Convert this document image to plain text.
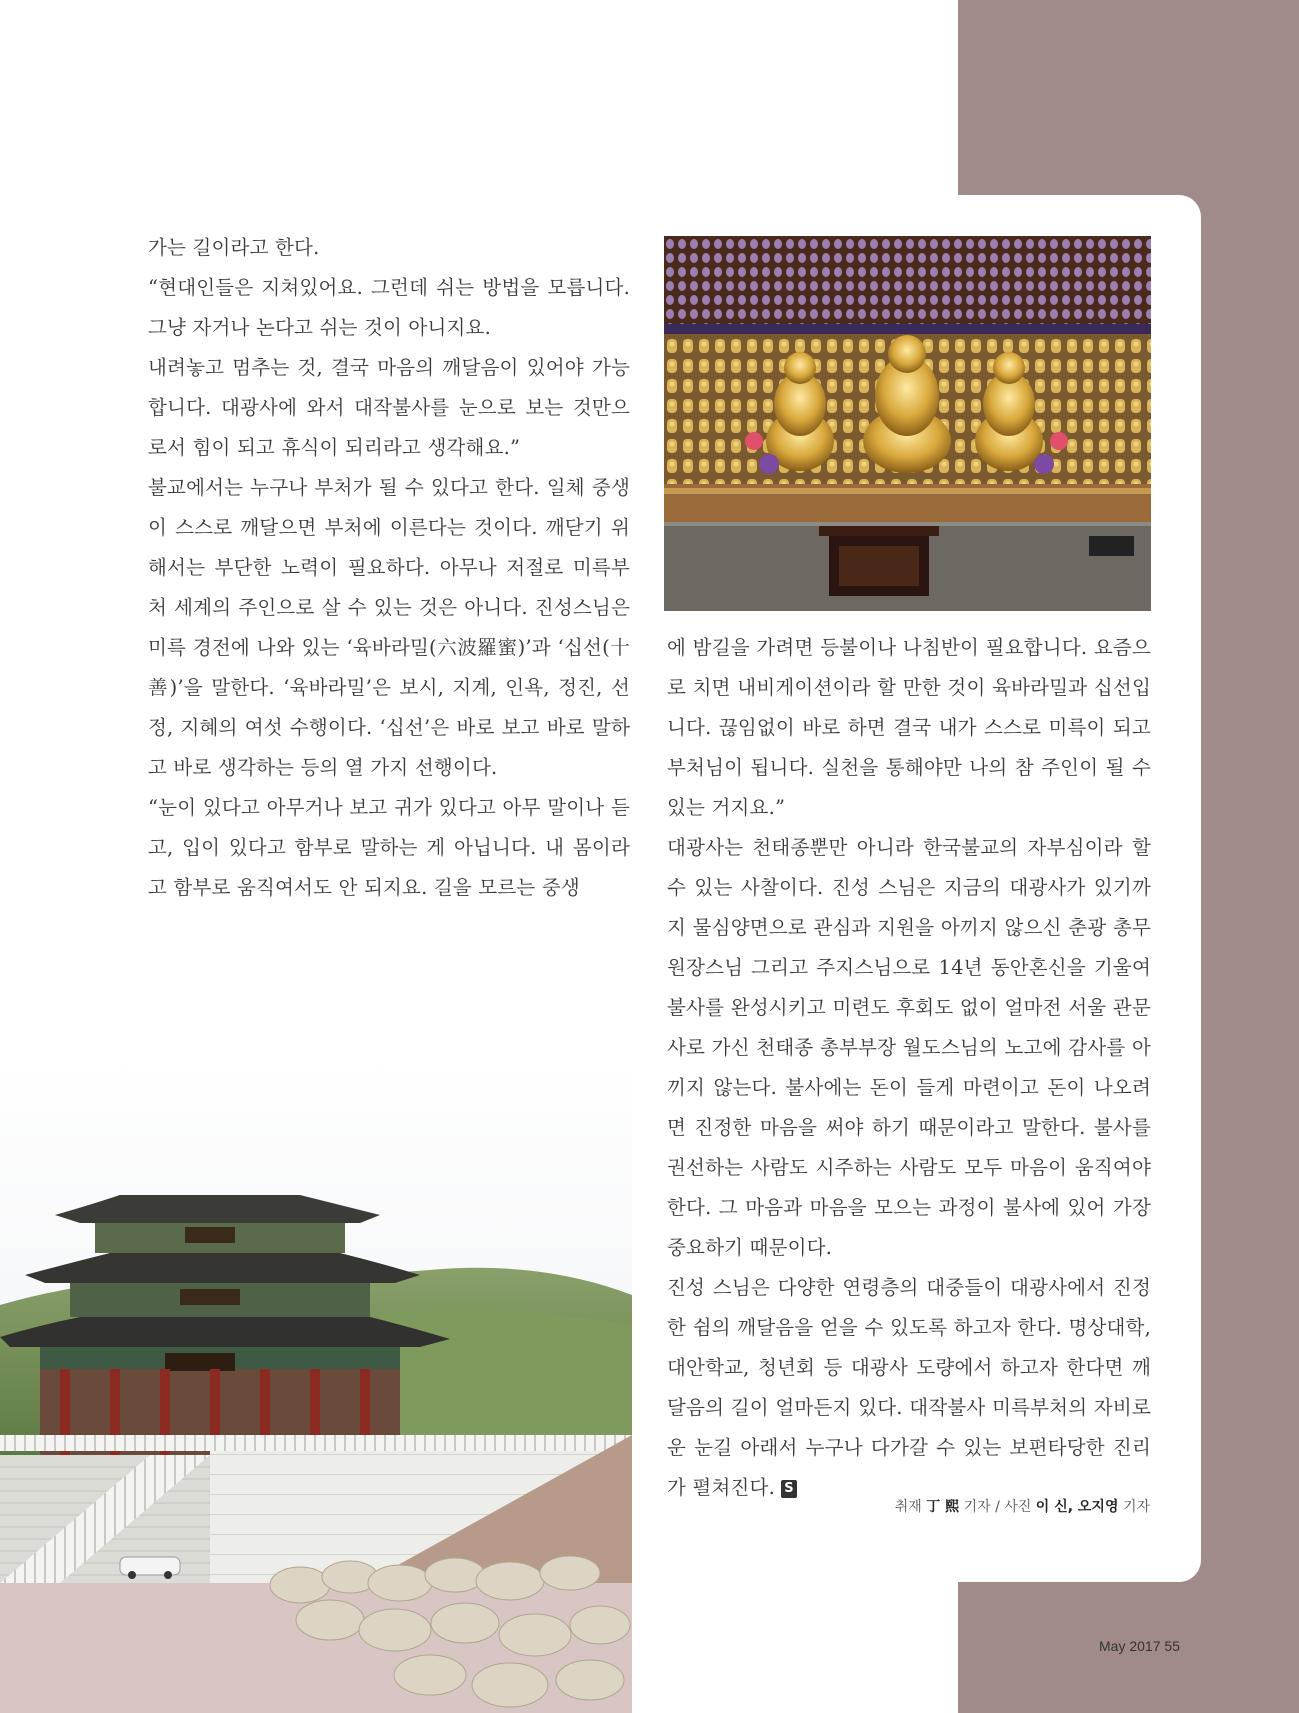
가는 길이라고 한다.

“현대인들은 지쳐있어요. 그런데 쉬는 방법을 모릅니다. 그냥 자거나 논다고 쉬는 것이 아니지요.

내려놓고 멈추는 것, 결국 마음의 깨달음이 있어야 가능합니다. 대광사에 와서 대작불사를 눈으로 보는 것만으로서 힘이 되고 휴식이 되리라고 생각해요.”

불교에서는 누구나 부처가 될 수 있다고 한다. 일체 중생이 스스로 깨달으면 부처에 이른다는 것이다. 깨닫기 위해서는 부단한 노력이 필요하다. 아무나 저절로 미륵부처 세계의 주인으로 살 수 있는 것은 아니다. 진성스님은 미륵 경전에 나와 있는 ‘육바라밀(六波羅蜜)’과 ‘십선(十善)’을 말한다. ‘육바라밀’은 보시, 지계, 인욕, 정진, 선정, 지혜의 여섯 수행이다. ‘십선’은 바로 보고 바로 말하고 바로 생각하는 등의 열 가지 선행이다.

“눈이 있다고 아무거나 보고 귀가 있다고 아무 말이나 듣고, 입이 있다고 함부로 말하는 게 아닙니다. 내 몸이라고 함부로 움직여서도 안 되지요. 길을 모르는 중생

에 밤길을 가려면 등불이나 나침반이 필요합니다. 요즘으로 치면 내비게이션이라 할 만한 것이 육바라밀과 십선입니다. 끊임없이 바로 하면 결국 내가 스스로 미륵이 되고 부처님이 됩니다. 실천을 통해야만 나의 참 주인이 될 수 있는 거지요.”

대광사는 천태종뿐만 아니라 한국불교의 자부심이라 할 수 있는 사찰이다. 진성 스님은 지금의 대광사가 있기까지 물심양면으로 관심과 지원을 아끼지 않으신 춘광 총무원장스님 그리고 주지스님으로 14년 동안혼신을 기울여 불사를 완성시키고 미련도 후회도 없이 얼마전 서울 관문사로 가신 천태종 총부부장 월도스님의 노고에 감사를 아끼지 않는다. 불사에는 돈이 들게 마련이고 돈이 나오려면 진정한 마음을 써야 하기 때문이라고 말한다. 불사를 권선하는 사람도 시주하는 사람도 모두 마음이 움직여야한다. 그 마음과 마음을 모으는 과정이 불사에 있어 가장 중요하기 때문이다.

진성 스님은 다양한 연령층의 대중들이 대광사에서 진정한 쉼의 깨달음을 얻을 수 있도록 하고자 한다. 명상대학, 대안학교, 청년회 등 대광사 도량에서 하고자 한다면 깨달음의 길이 얼마든지 있다. 대작불사 미륵부처의 자비로운 눈길 아래서 누구나 다가갈 수 있는 보편타당한 진리가 펼쳐진다. S

취재 丁 熙 기자 / 사진 이 신, 오지영 기자
May 2017 55
